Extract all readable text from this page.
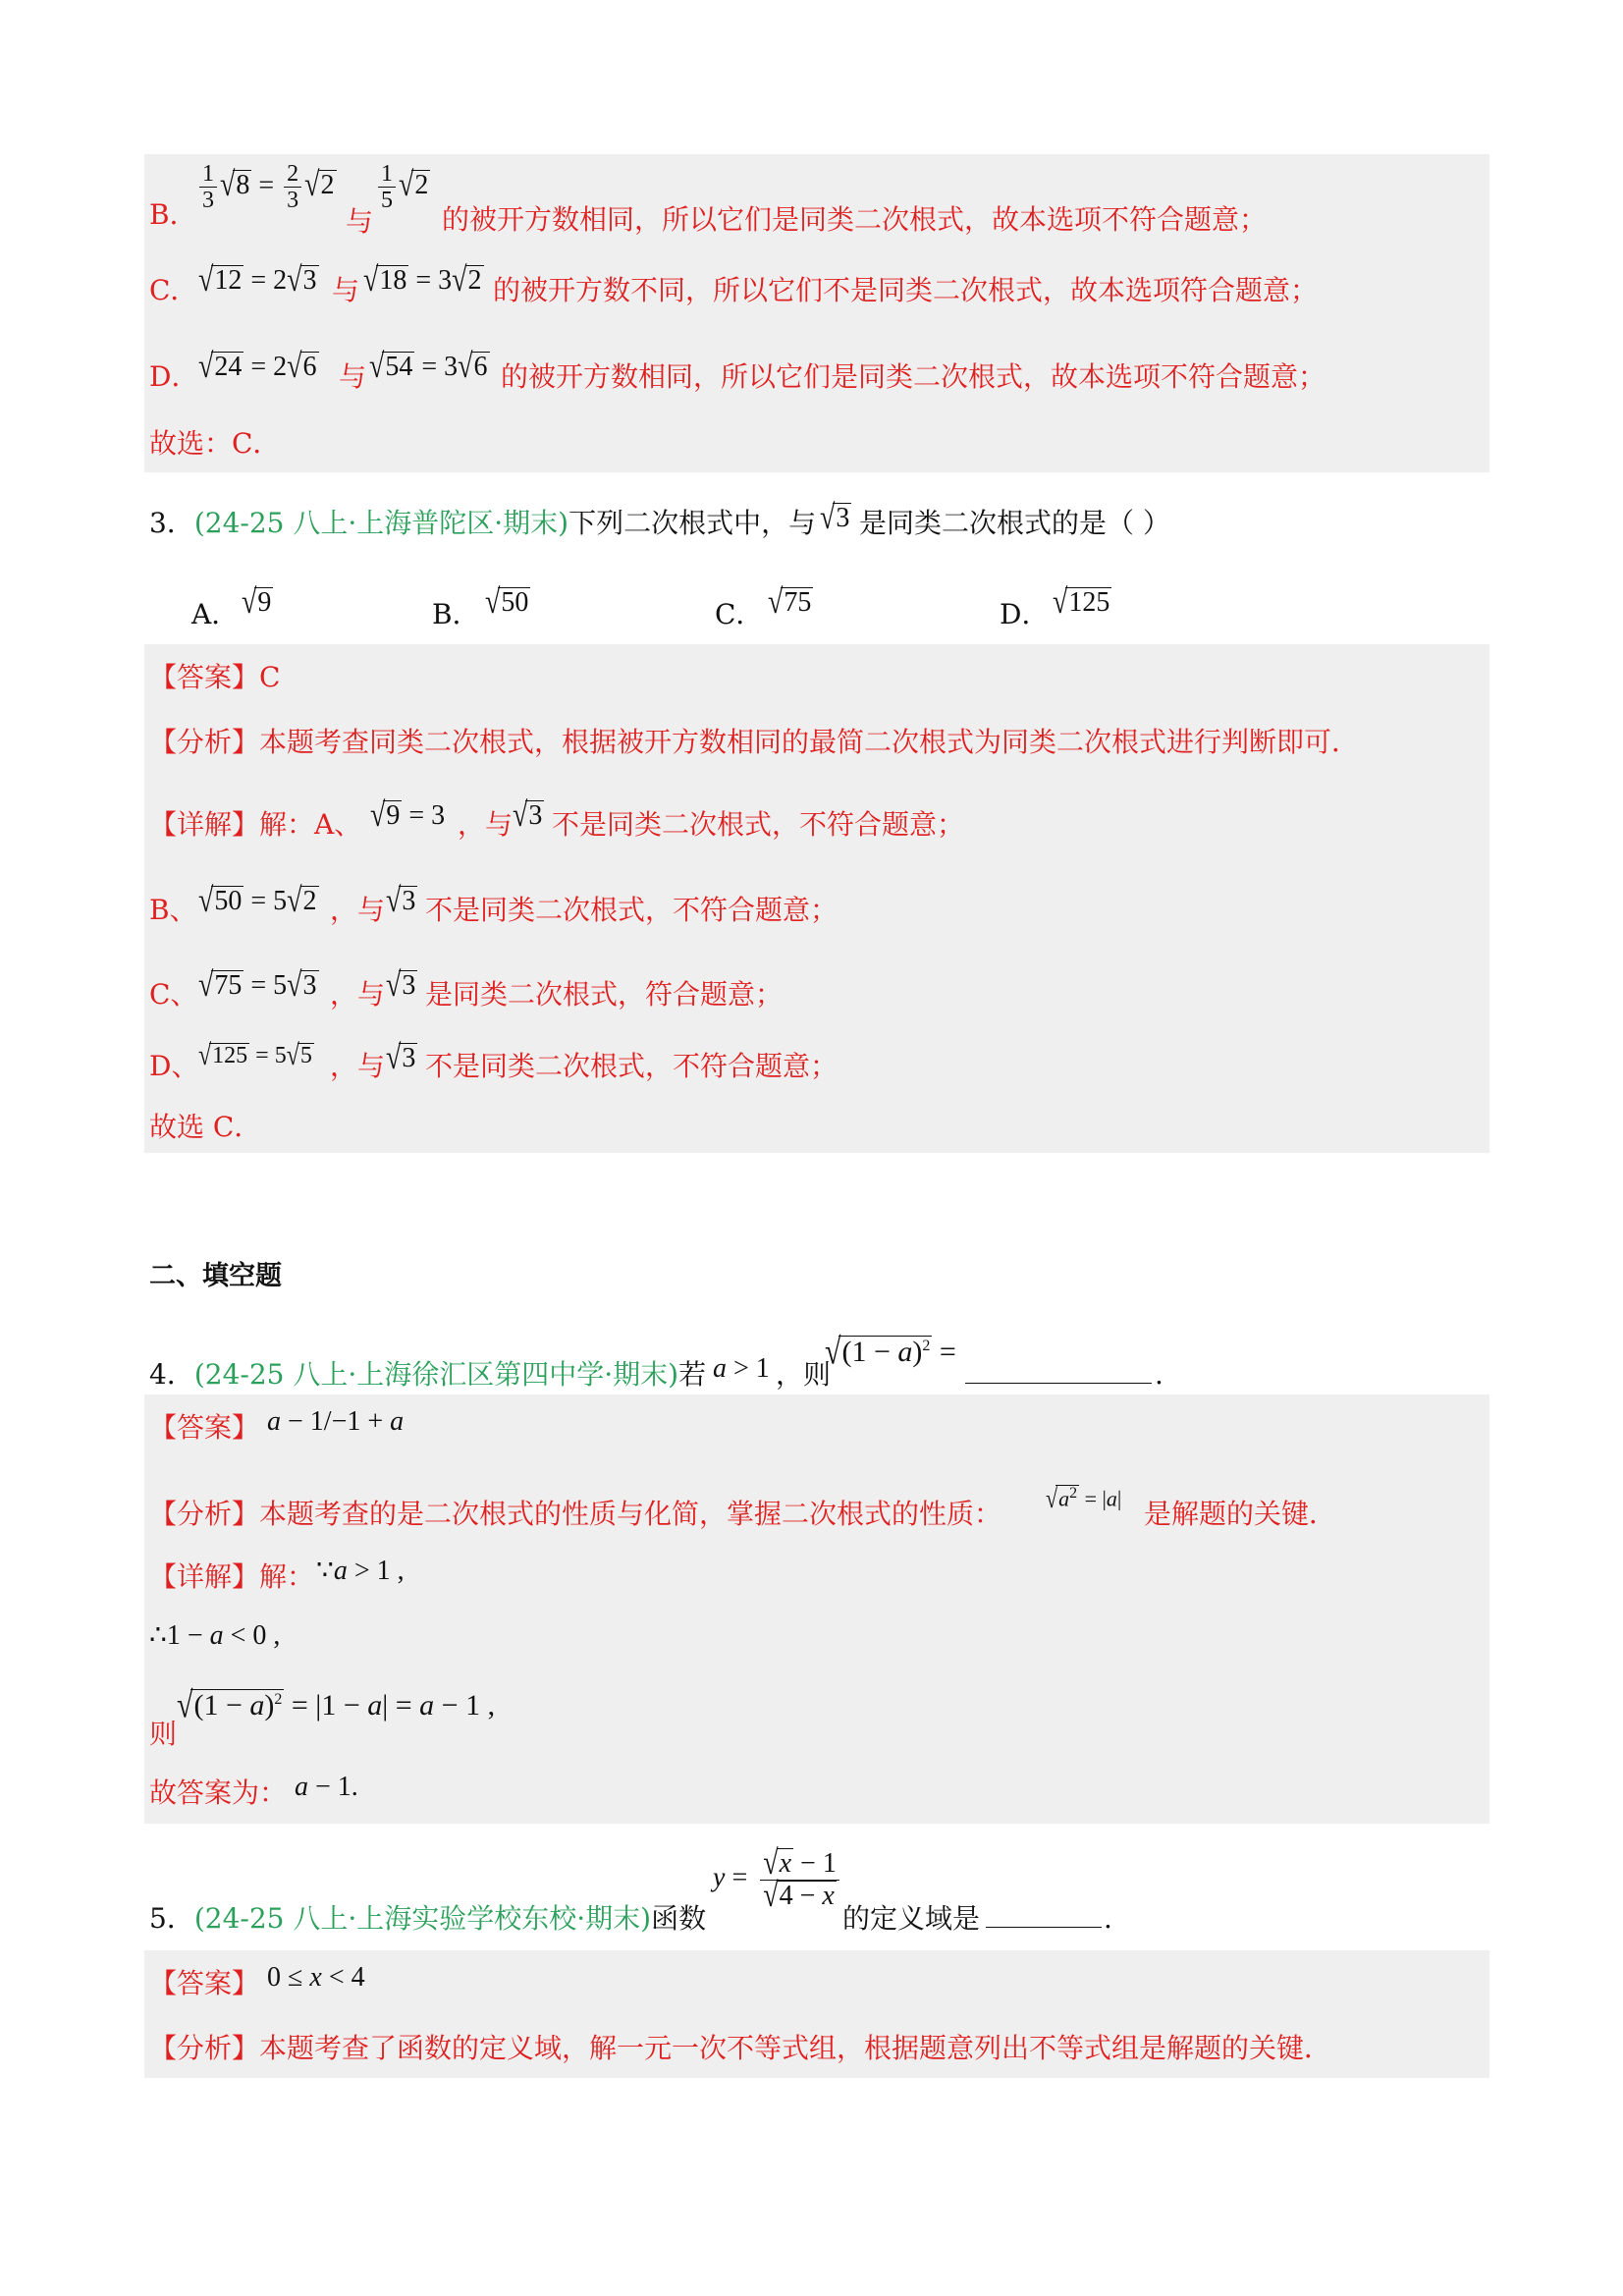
B．
$\frac{1}{3} √8 = \frac{2}{3} √2$
与
$\frac{1}{5} √2$
的被开方数相同，所以它们是同类二次根式，故本选项不符合题意；
C． √12 = 2√3 与 √18 = 3√2 的被开方数不同，所以它们不是同类二次根式，故本选项符合题意；
D． √24 = 2√6 与 √54 = 3√6 的被开方数相同，所以它们是同类二次根式，故本选项不符合题意；
故选：C．
3．(24-25 八上·上海普陀区·期末)下列二次根式中，与 √3 是同类二次根式的是（ ）
A． √9	B． √50	C． √75	D． √125
【答案】C
【分析】本题考查同类二次根式，根据被开方数相同的最简二次根式为同类二次根式进行判断即可．
【详解】解：A、 √9 = 3 ，与 √3 不是同类二次根式，不符合题意；
B、 √50 = 5√2 ，与 √3 不是同类二次根式，不符合题意；
C、 √75 = 5√3 ，与 √3 是同类二次根式，符合题意；
D、 √125 = 5√5 ，与 √3 不是同类二次根式，不符合题意；
故选 C．
二、填空题
4．(24-25 八上·上海徐汇区第四中学·期末)若 a > 1 ，则
$√(1 - a)^2$ =
.
【答案】 a − 1/−1 + a
【分析】本题考查的是二次根式的性质与化简，掌握二次根式的性质： $√a^2 = |a|$ 是解题的关键．
【详解】解： ∵a > 1 ,
∴1 − a < 0 ,
则
$√(1 - a)^2 = |1 - a| = a - 1$ ,
故答案为： a − 1.
$y = \frac{√x - 1}{√4 - x}$
5．(24-25 八上·上海实验学校东校·期末)函数	的定义域是	.
【答案】 0 ≤ x < 4
【分析】本题考查了函数的定义域，解一元一次不等式组，根据题意列出不等式组是解题的关键．
